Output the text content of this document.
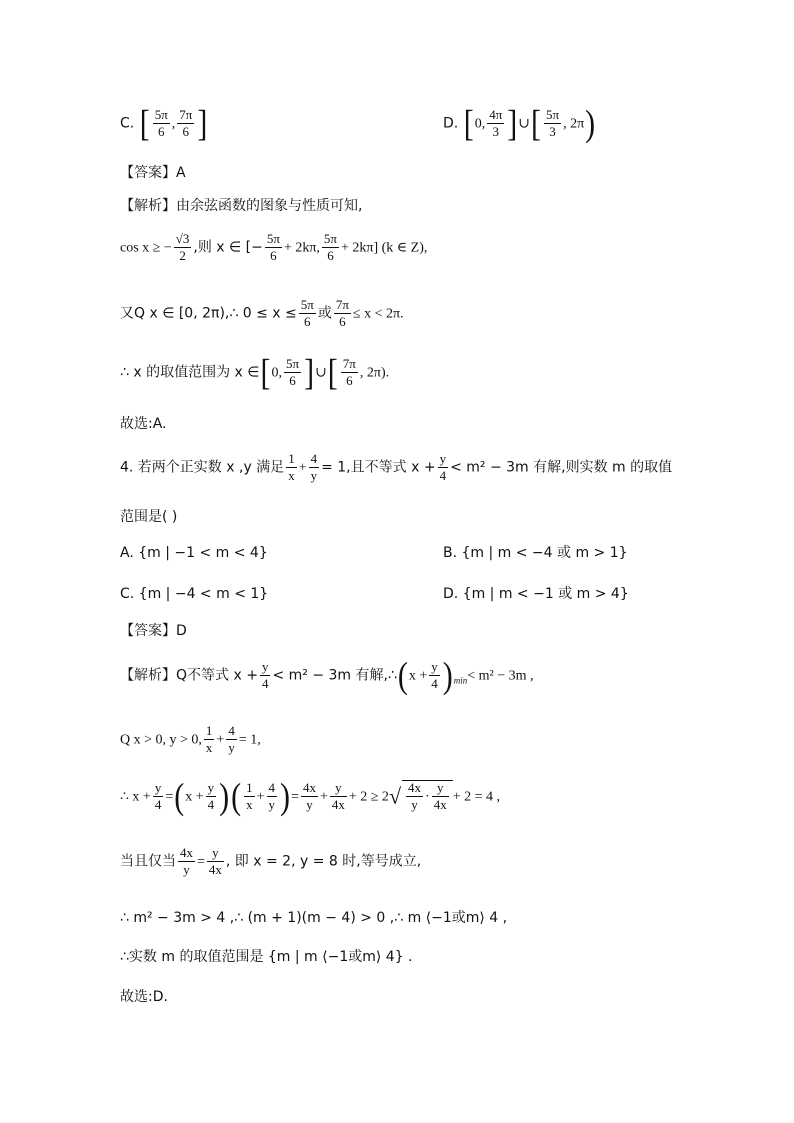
C. [ $\frac{5\pi}{6}$ , $\frac{7\pi}{6}$ ]	D. [0, $\frac{4\pi}{3}$ ]∪[ $\frac{5\pi}{3}$ , 2π)
【答案】A
【解析】由余弦函数的图象与性质可知,
cos x ≥ − $\frac{√3}{2}$ ,则 x ∈ [− $\frac{5\pi}{6} + 2k\pi$, $\frac{5\pi}{6} + 2k\pi$] (k ∈ Z),
又Q x ∈ [0, 2π),∴ $0 \le x \le \frac{5\pi}{6}$ 或 $\frac{7\pi}{6} \le x < 2\pi$.
∴ x 的取值范围为 x ∈[0, $\frac{5\pi}{6}$ ]∪[ $\frac{7\pi}{6}$ , 2π).
故选:A.
4. 若两个正实数 x ,y 满足 $\frac{1}{x} + \frac{4}{y} = 1$,且不等式 $x + \frac{y}{4} < m^2 - 3m$ 有解,则实数 m 的取值
范围是( )
A. {m | −1 < m < 4}	B. {m | m < −4 或 m > 1}
C. {m | −4 < m < 1}	D. {m | m < −1 或 m > 4}
【答案】D
【解析】Q不等式 $x + \frac{y}{4} < m^2 - 3m$ 有解,∴(x + $\frac{y}{4} )_{min}< m^2 - 3m$ ,
Q x > 0, y > 0, $\frac{1}{x} + \frac{4}{y} = 1$,
∴ $x + \frac{y}{4} =(x + \frac{y}{4}$ )( $\frac{1}{x} + \frac{4}{y}$ )= $\frac{4x}{y} + \frac{y}{4x} + 2 \ge 2√ \frac{4x}{y} \cdot \frac{y}{4x} + 2 = 4$ ,
当且仅当 $\frac{4x}{y} = \frac{y}{4x}$ , 即 x = 2, y = 8 时,等号成立,
∴ m² − 3m > 4 ,∴ (m + 1)(m − 4) > 0 ,∴ m ⟨−1或m⟩ 4 ,
∴实数 m 的取值范围是 {m | m ⟨−1或m⟩ 4} .
故选:D.
